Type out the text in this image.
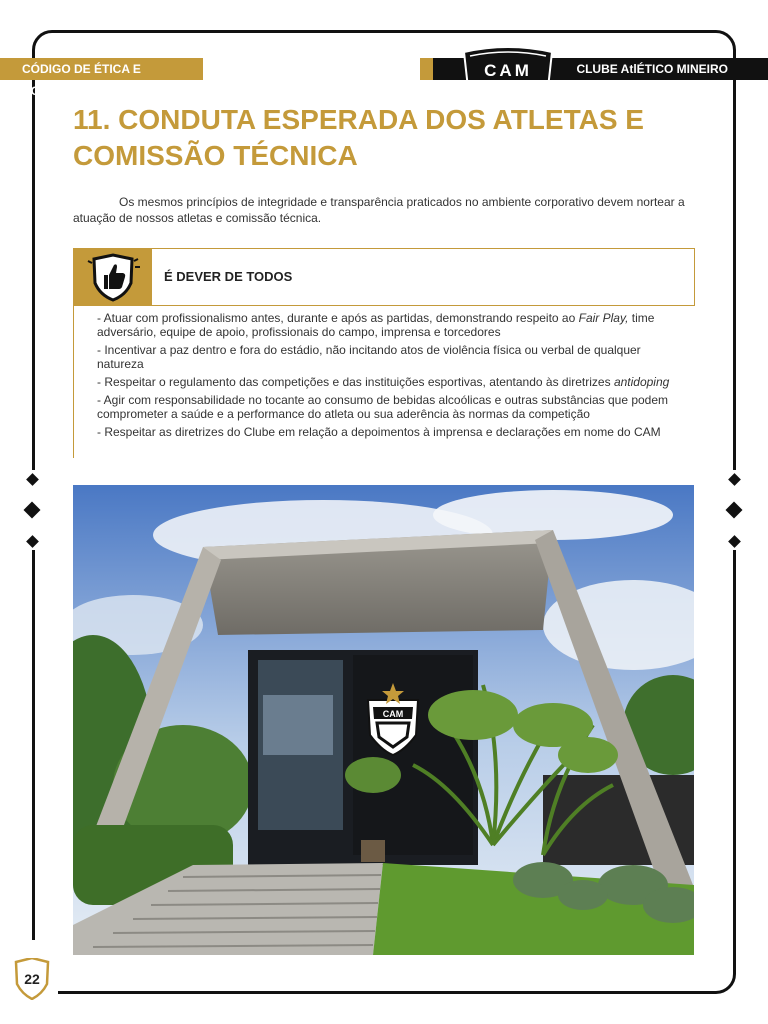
CÓDIGO DE ÉTICA E CONDUTA
CLUBE AtlÉTICO MINEIRO
CAM
11. CONDUTA ESPERADA DOS ATLETAS E COMISSÃO TÉCNICA

Os mesmos princípios de integridade e transparência praticados no ambiente corporativo devem nortear a atuação de nossos atletas e comissão técnica.

É DEVER DE TODOS
- Atuar com profissionalismo antes, durante e após as partidas, demonstrando respeito ao Fair Play, time adversário, equipe de apoio, profissionais do campo, imprensa e torcedores
- Incentivar a paz dentro e fora do estádio, não incitando atos de violência física ou verbal de qualquer natureza
- Respeitar o regulamento das competições e das instituições esportivas, atentando às diretrizes antidoping
- Agir com responsabilidade no tocante ao consumo de bebidas alcoólicas e outras substâncias que podem comprometer a saúde e a performance do atleta ou sua aderência às normas da competição
- Respeitar as diretrizes do Clube em relação a depoimentos à imprensa e declarações em nome do CAM
CAM
22
